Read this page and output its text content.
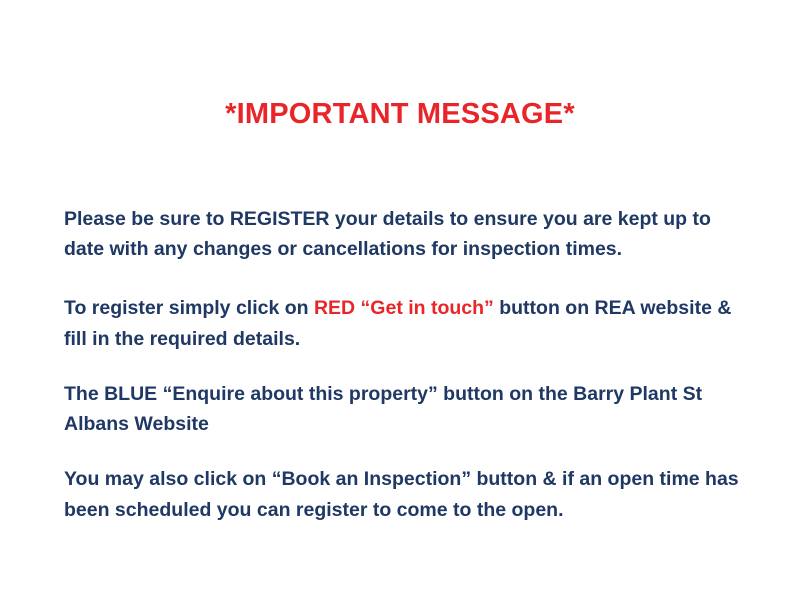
*IMPORTANT MESSAGE*

Please be sure to REGISTER your details to ensure you are kept up to date with any changes or cancellations for inspection times.

To register simply click on RED “Get in touch” button on REA website & fill in the required details.

The BLUE “Enquire about this property” button on the Barry Plant St Albans Website

You may also click on “Book an Inspection” button & if an open time has been scheduled you can register to come to the open.
